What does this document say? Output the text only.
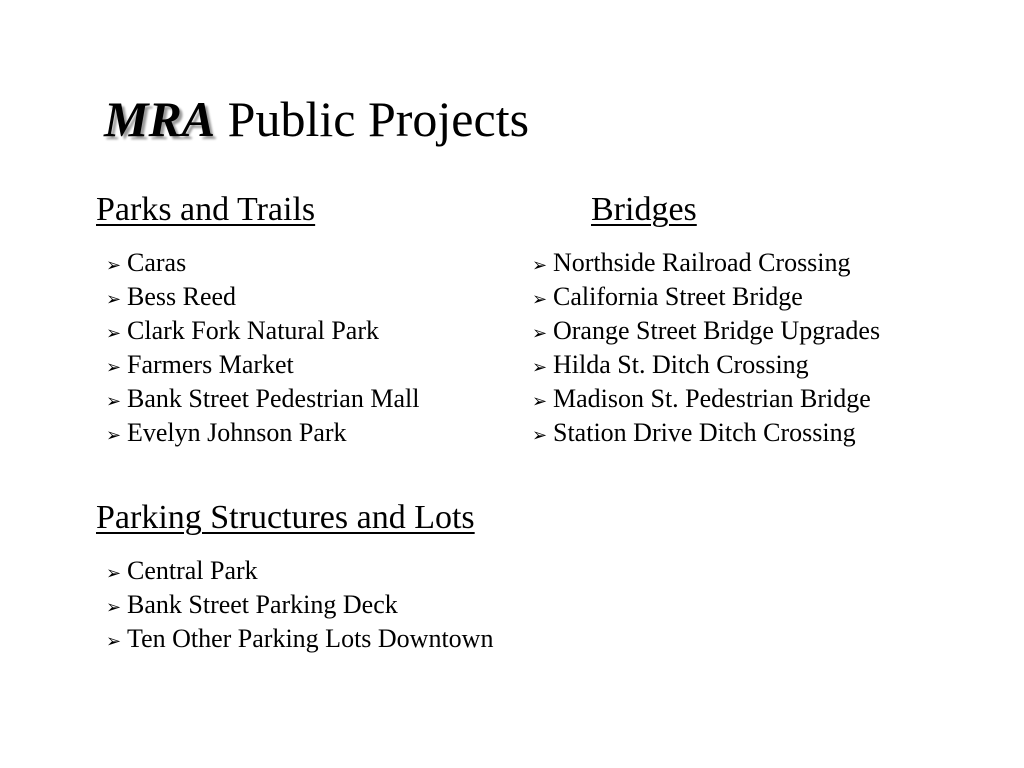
MRA Public Projects
Parks and Trails
➢ Caras
➢ Bess Reed
➢ Clark Fork Natural Park
➢ Farmers Market
➢ Bank Street Pedestrian Mall
➢ Evelyn Johnson Park
Bridges
➢ Northside Railroad Crossing
➢ California Street Bridge
➢ Orange Street Bridge Upgrades
➢ Hilda St. Ditch Crossing
➢ Madison St. Pedestrian Bridge
➢ Station Drive Ditch Crossing
Parking Structures and Lots
➢ Central Park
➢ Bank Street Parking Deck
➢ Ten Other Parking Lots Downtown
